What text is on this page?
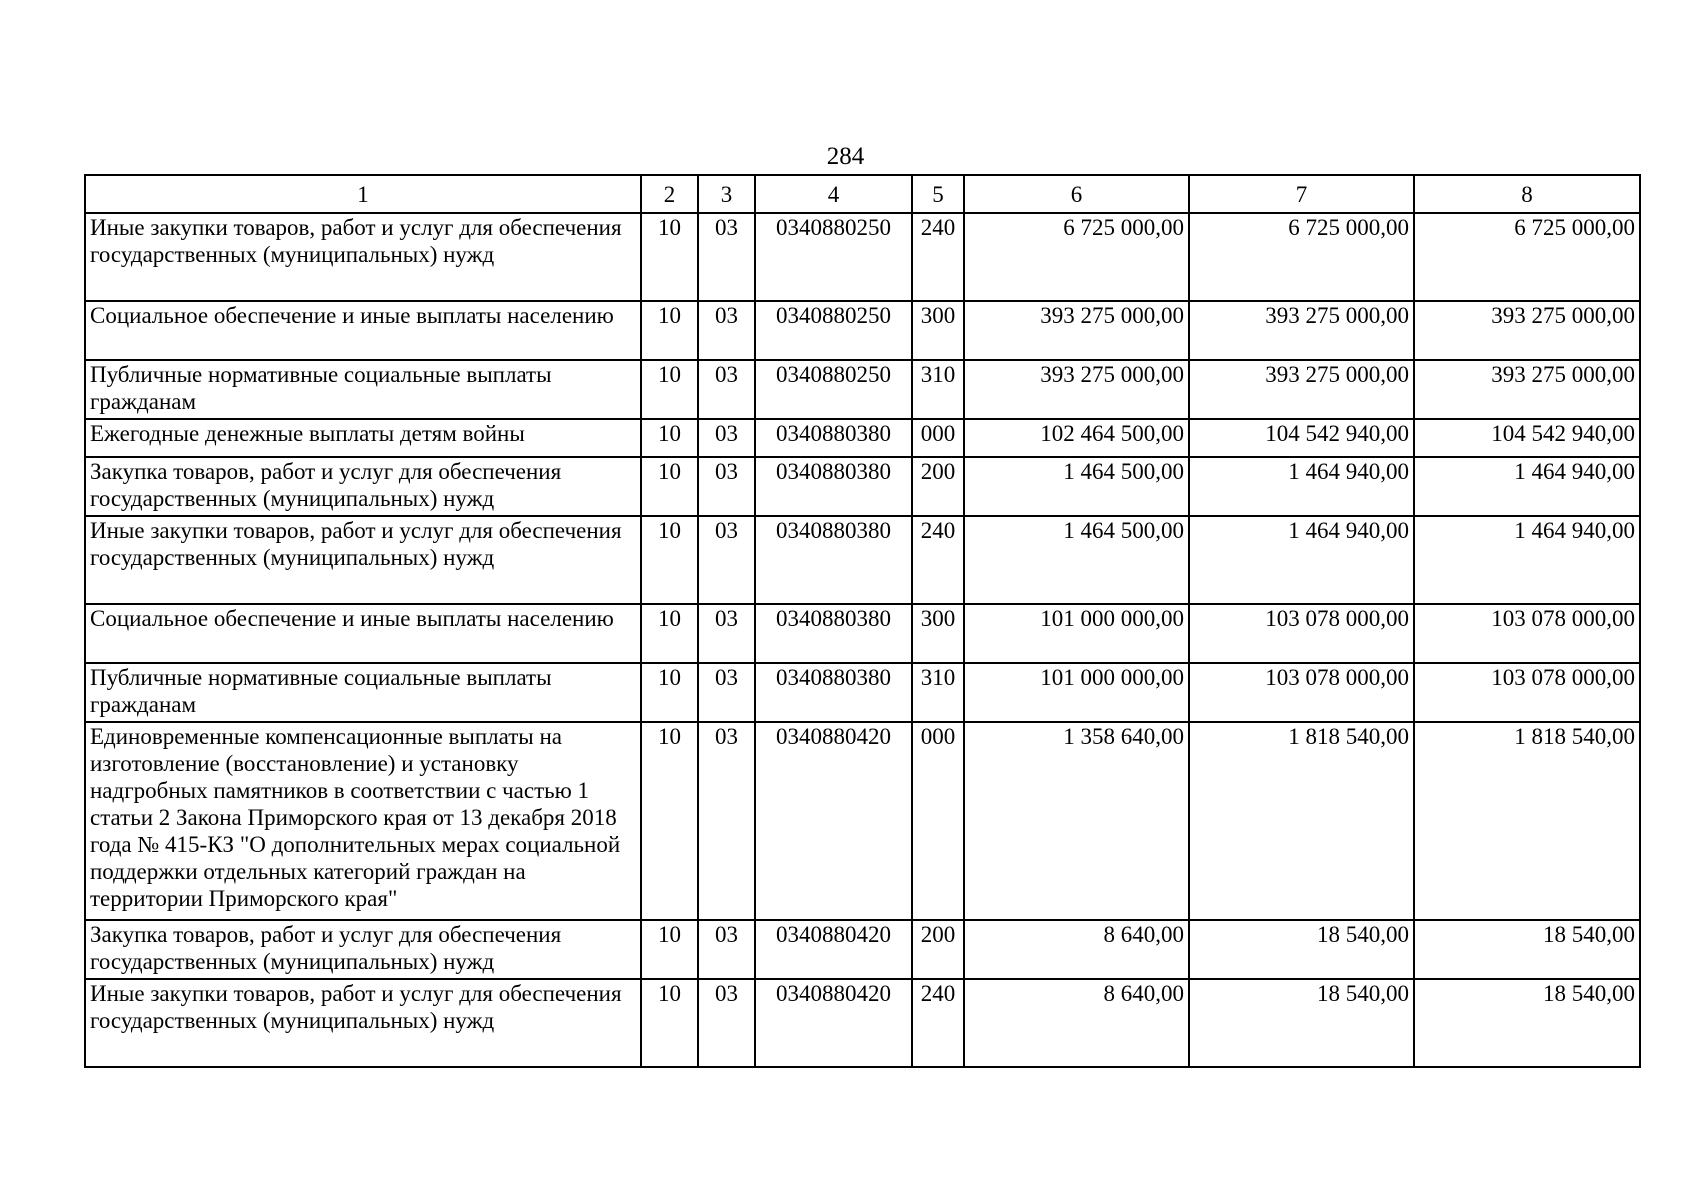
284
1	2	3	4	5	6	7	8
Иные закупки товаров, работ и услуг для обеспечения государственных (муниципальных) нужд	10	03	0340880250	240	6 725 000,00	6 725 000,00	6 725 000,00
Социальное обеспечение и иные выплаты населению	10	03	0340880250	300	393 275 000,00	393 275 000,00	393 275 000,00
Публичные нормативные социальные выплаты гражданам	10	03	0340880250	310	393 275 000,00	393 275 000,00	393 275 000,00
Ежегодные денежные выплаты детям войны	10	03	0340880380	000	102 464 500,00	104 542 940,00	104 542 940,00
Закупка товаров, работ и услуг для обеспечения государственных (муниципальных) нужд	10	03	0340880380	200	1 464 500,00	1 464 940,00	1 464 940,00
Иные закупки товаров, работ и услуг для обеспечения государственных (муниципальных) нужд	10	03	0340880380	240	1 464 500,00	1 464 940,00	1 464 940,00
Социальное обеспечение и иные выплаты населению	10	03	0340880380	300	101 000 000,00	103 078 000,00	103 078 000,00
Публичные нормативные социальные выплаты гражданам	10	03	0340880380	310	101 000 000,00	103 078 000,00	103 078 000,00
Единовременные компенсационные выплаты на изготовление (восстановление) и установку надгробных памятников в соответствии с частью 1 статьи 2 Закона Приморского края от 13 декабря 2018 года № 415-КЗ "О дополнительных мерах социальной поддержки отдельных категорий граждан на территории Приморского края"	10	03	0340880420	000	1 358 640,00	1 818 540,00	1 818 540,00
Закупка товаров, работ и услуг для обеспечения государственных (муниципальных) нужд	10	03	0340880420	200	8 640,00	18 540,00	18 540,00
Иные закупки товаров, работ и услуг для обеспечения государственных (муниципальных) нужд	10	03	0340880420	240	8 640,00	18 540,00	18 540,00
